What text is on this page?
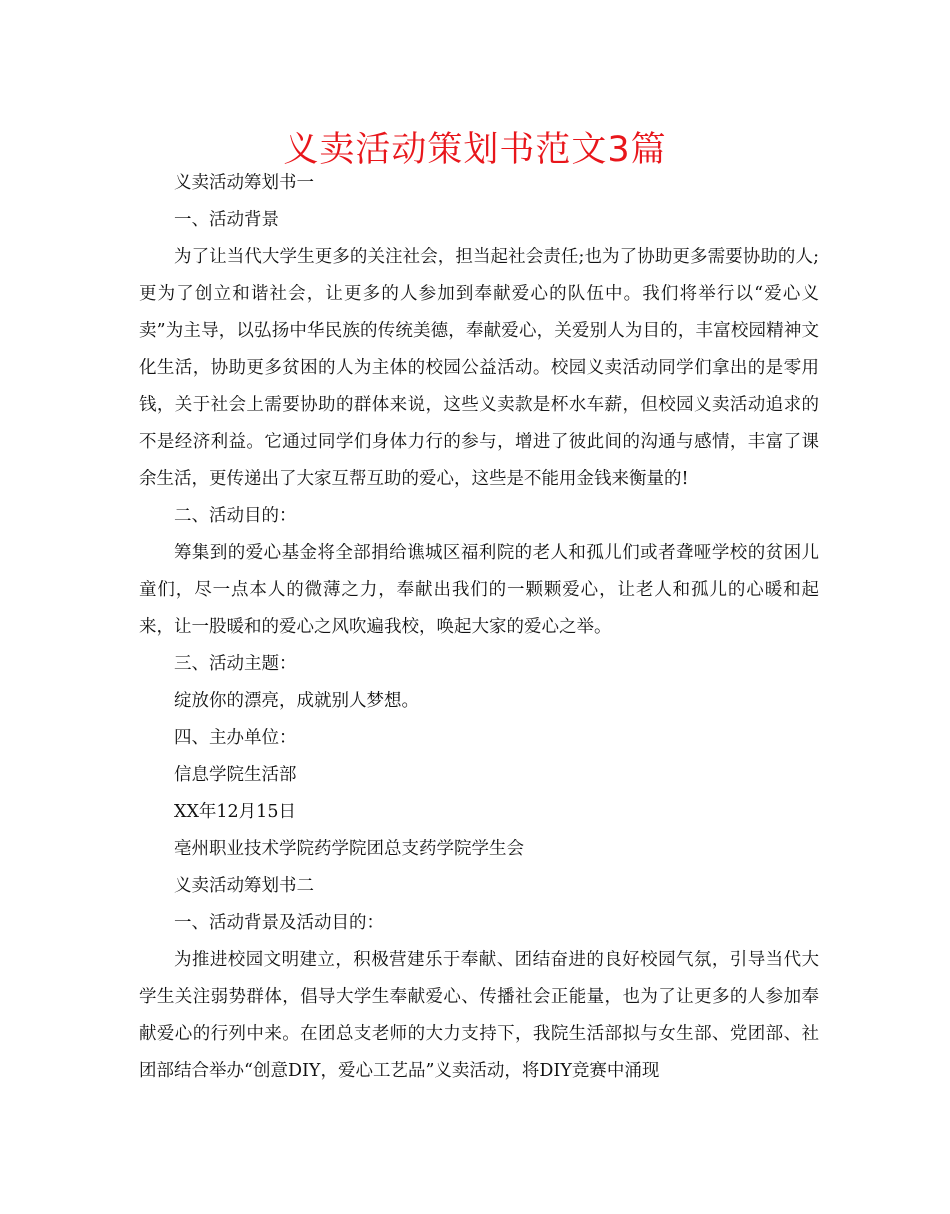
义卖活动策划书范文3篇

义卖活动筹划书一

一、活动背景

为了让当代大学生更多的关注社会，担当起社会责任;也为了协助更多需要协助的人;更为了创立和谐社会，让更多的人参加到奉献爱心的队伍中。我们将举行以“爱心义卖”为主导，以弘扬中华民族的传统美德，奉献爱心，关爱别人为目的，丰富校园精神文化生活，协助更多贫困的人为主体的校园公益活动。校园义卖活动同学们拿出的是零用钱，关于社会上需要协助的群体来说，这些义卖款是杯水车薪，但校园义卖活动追求的不是经济利益。它通过同学们身体力行的参与，增进了彼此间的沟通与感情，丰富了课余生活，更传递出了大家互帮互助的爱心，这些是不能用金钱来衡量的!

二、活动目的：

筹集到的爱心基金将全部捐给谯城区福利院的老人和孤儿们或者聋哑学校的贫困儿童们，尽一点本人的微薄之力，奉献出我们的一颗颗爱心，让老人和孤儿的心暖和起来，让一股暖和的爱心之风吹遍我校，唤起大家的爱心之举。

三、活动主题：

绽放你的漂亮，成就别人梦想。

四、主办单位：

信息学院生活部

XX年12月15日

亳州职业技术学院药学院团总支药学院学生会

义卖活动筹划书二

一、活动背景及活动目的：

为推进校园文明建立，积极营建乐于奉献、团结奋进的良好校园气氛，引导当代大学生关注弱势群体，倡导大学生奉献爱心、传播社会正能量，也为了让更多的人参加奉献爱心的行列中来。在团总支老师的大力支持下，我院生活部拟与女生部、党团部、社团部结合举办“创意DIY，爱心工艺品”义卖活动，将DIY竞赛中涌现
